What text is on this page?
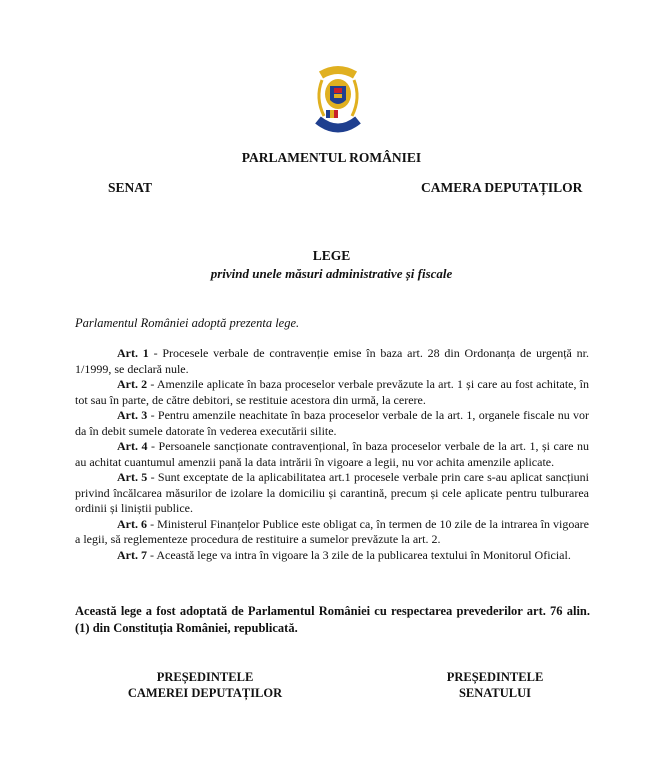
PARLAMENTUL ROMÂNIEI
SENAT	CAMERA DEPUTAȚILOR
LEGE
privind unele măsuri administrative și fiscale
Parlamentul României adoptă prezenta lege.

Art. 1 - Procesele verbale de contravenție emise în baza art. 28 din Ordonanța de urgență nr. 1/1999, se declară nule.

Art. 2 - Amenzile aplicate în baza proceselor verbale prevăzute la art. 1 și care au fost achitate, în tot sau în parte, de către debitori, se restituie acestora din urmă, la cerere.

Art. 3 - Pentru amenzile neachitate în baza proceselor verbale de la art. 1, organele fiscale nu vor da în debit sumele datorate în vederea executării silite.

Art. 4 - Persoanele sancționate contravențional, în baza proceselor verbale de la art. 1, și care nu au achitat cuantumul amenzii pană la data intrării în vigoare a legii, nu vor achita amenzile aplicate.

Art. 5 - Sunt exceptate de la aplicabilitatea art.1 procesele verbale prin care s-au aplicat sancțiuni privind încălcarea măsurilor de izolare la domiciliu și carantină, precum și cele aplicate pentru tulburarea ordinii și liniștii publice.

Art. 6 - Ministerul Finanțelor Publice este obligat ca, în termen de 10 zile de la intrarea în vigoare a legii, să reglementeze procedura de restituire a sumelor prevăzute la art. 2.

Art. 7 - Această lege va intra în vigoare la 3 zile de la publicarea textului în Monitorul Oficial.

Această lege a fost adoptată de Parlamentul României cu respectarea prevederilor art. 76 alin. (1) din Constituția României, republicată.
PREȘEDINTELE
CAMEREI DEPUTAȚILOR
PREȘEDINTELE
SENATULUI
